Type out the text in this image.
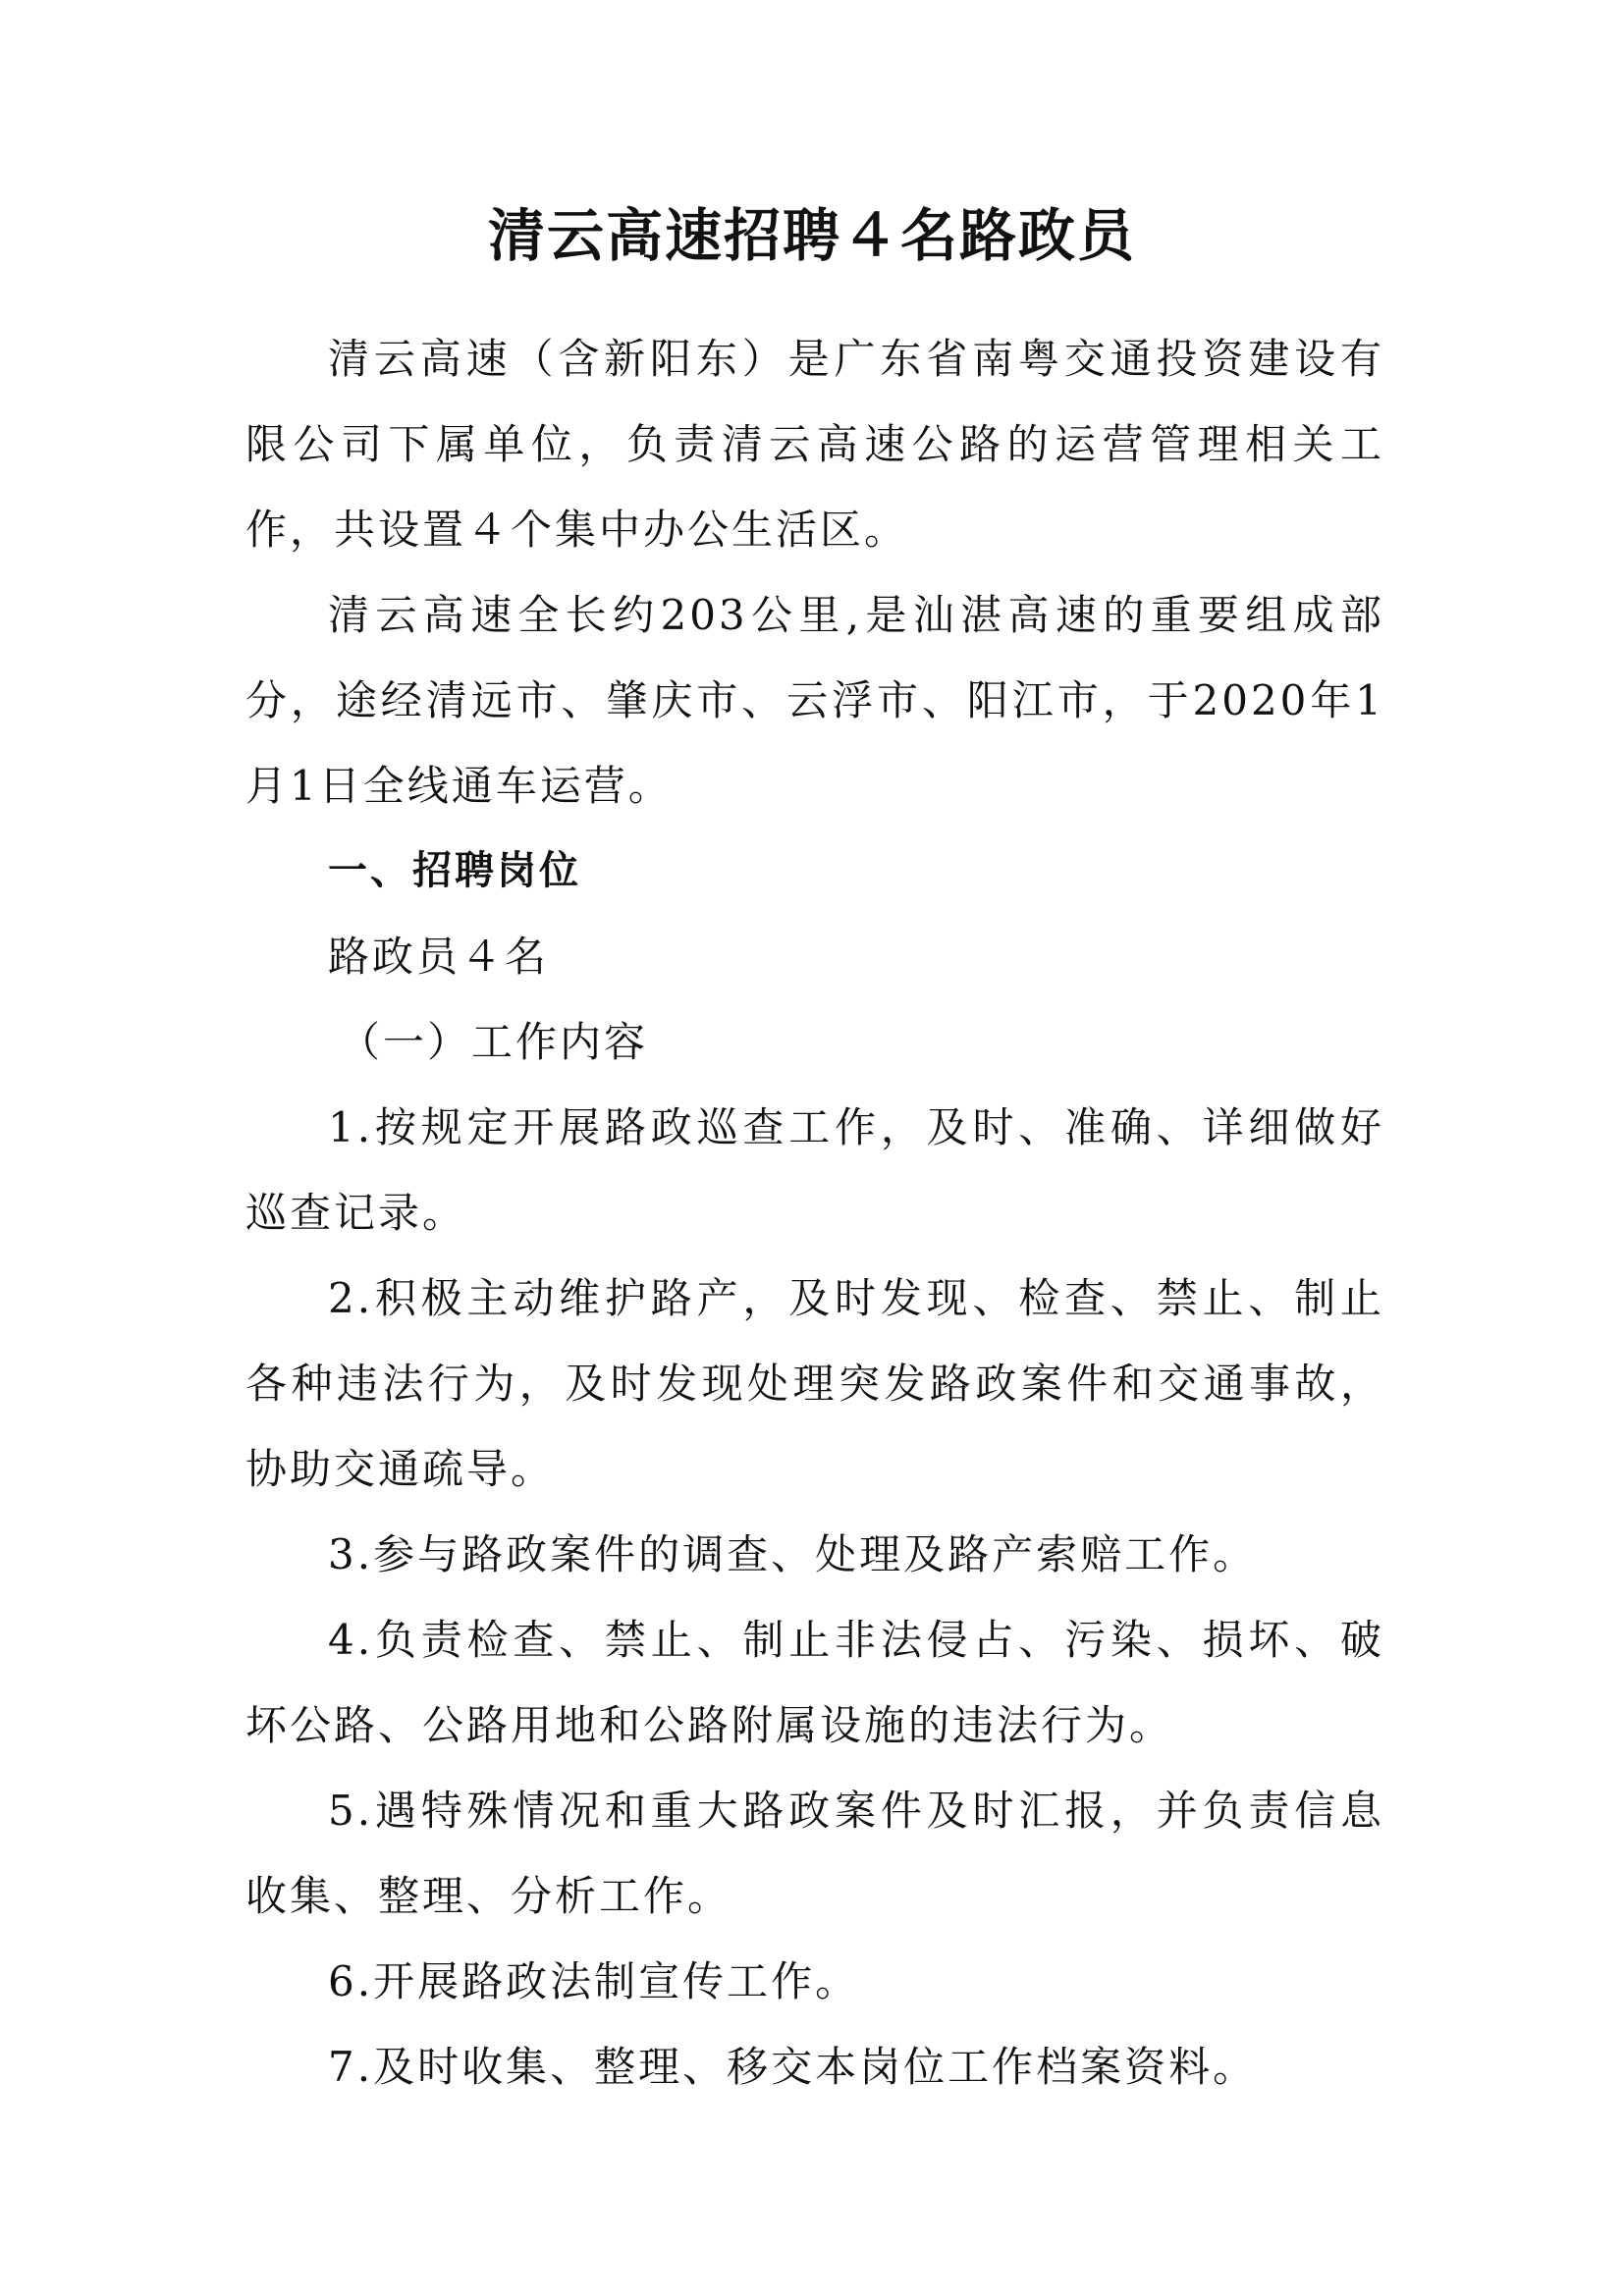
清云高速招聘４名路政员

清云高速（含新阳东）是广东省南粤交通投资建设有限公司下属单位，负责清云高速公路的运营管理相关工作，共设置４个集中办公生活区。

清云高速全长约203公里,是汕湛高速的重要组成部分，途经清远市、肇庆市、云浮市、阳江市，于2020年1月1日全线通车运营。

一、招聘岗位

路政员４名

（一）工作内容

1.按规定开展路政巡查工作，及时、准确、详细做好巡查记录。

2.积极主动维护路产，及时发现、检查、禁止、制止各种违法行为，及时发现处理突发路政案件和交通事故，协助交通疏导。

3.参与路政案件的调查、处理及路产索赔工作。

4.负责检查、禁止、制止非法侵占、污染、损坏、破坏公路、公路用地和公路附属设施的违法行为。

5.遇特殊情况和重大路政案件及时汇报，并负责信息收集、整理、分析工作。

6.开展路政法制宣传工作。

7.及时收集、整理、移交本岗位工作档案资料。
